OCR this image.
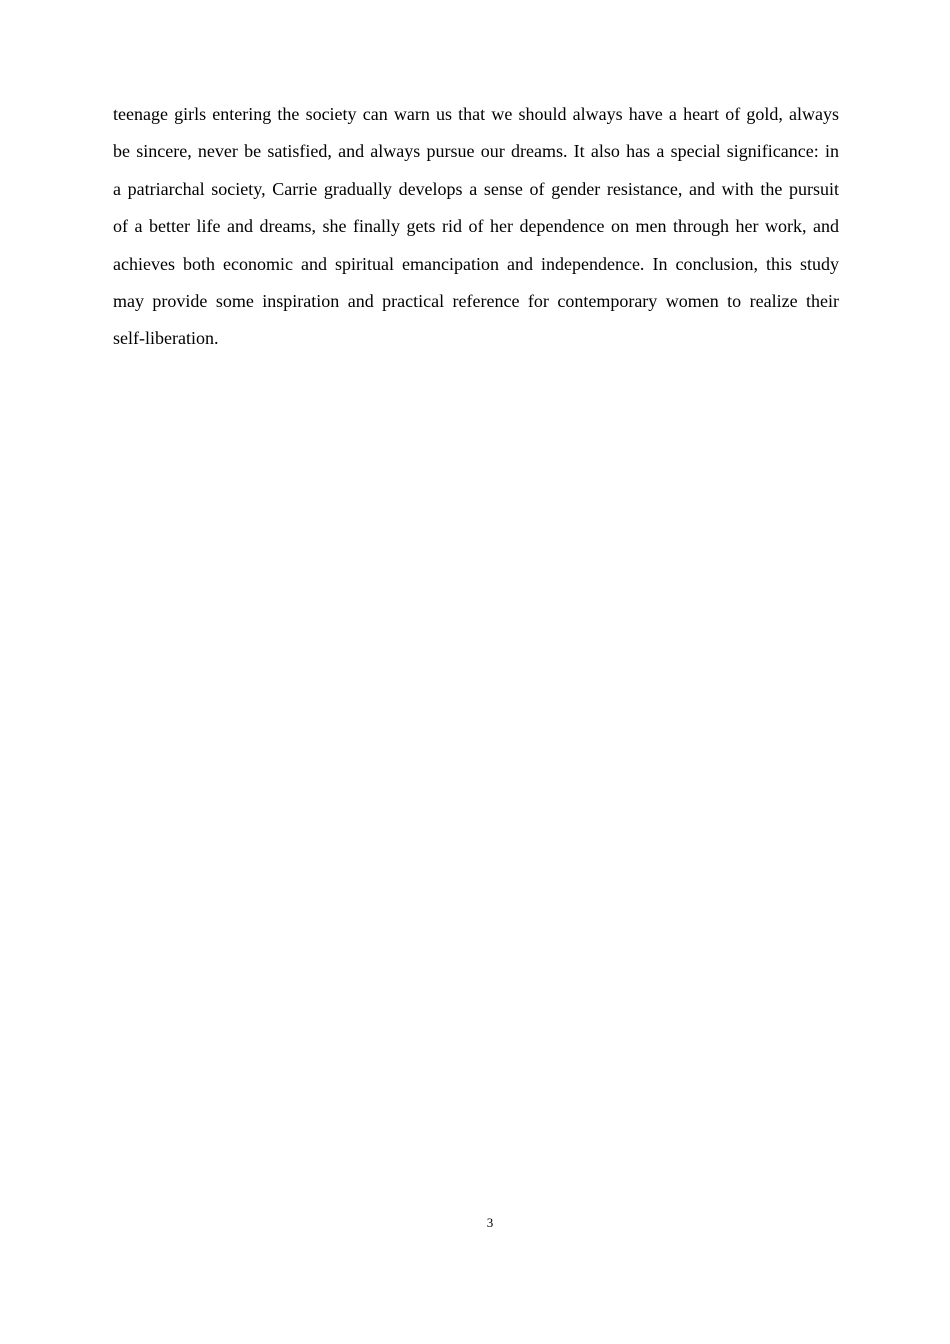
teenage girls entering the society can warn us that we should always have a heart of gold, always
be sincere, never be satisfied, and always pursue our dreams. It also has a special significance: in
a patriarchal society, Carrie gradually develops a sense of gender resistance, and with the pursuit
of a better life and dreams, she finally gets rid of her dependence on men through her work, and
achieves both economic and spiritual emancipation and independence. In conclusion, this study
may provide some inspiration and practical reference for contemporary women to realize their
self-liberation.
3
